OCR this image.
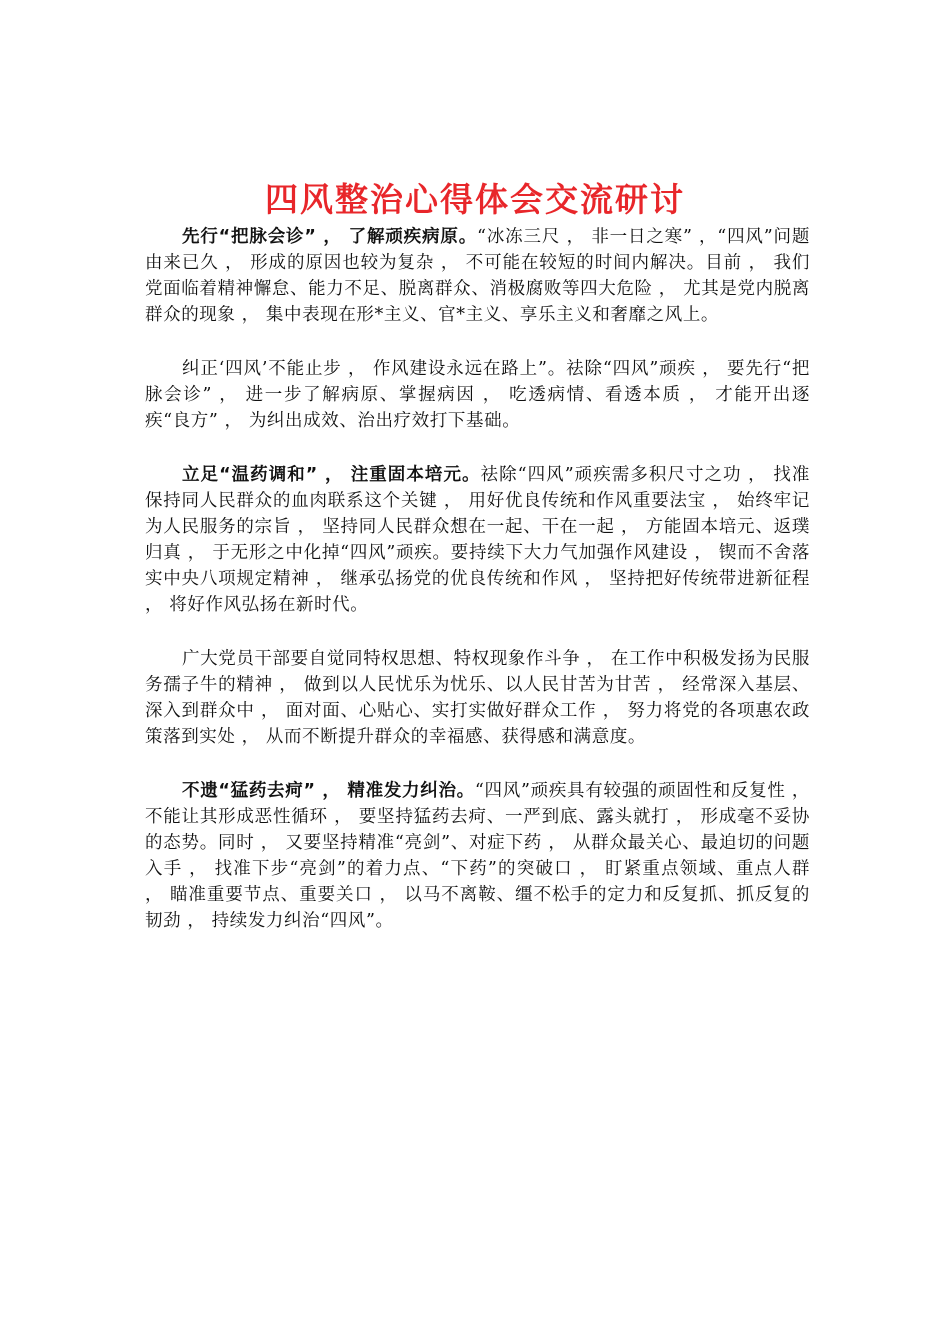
四风整治心得体会交流研讨

先行“把脉会诊” ， 了解顽疾病原。“冰冻三尺 ， 非一日之寒” ，“四风”问题由来已久 ， 形成的原因也较为复杂 ， 不可能在较短的时间内解决。目前 ， 我们党面临着精神懈怠、能力不足、脱离群众、消极腐败等四大危险 ， 尤其是党内脱离群众的现象 ， 集中表现在形*主义、官*主义、享乐主义和奢靡之风上。

纠正‘四风’不能止步 ， 作风建设永远在路上”。祛除“四风”顽疾 ， 要先行“把脉会诊” ， 进一步了解病原、掌握病因 ， 吃透病情、看透本质 ， 才能开出逐疾“良方” ， 为纠出成效、治出疗效打下基础。

立足“温药调和” ， 注重固本培元。祛除“四风”顽疾需多积尺寸之功 ， 找准保持同人民群众的血肉联系这个关键 ， 用好优良传统和作风重要法宝 ， 始终牢记为人民服务的宗旨 ， 坚持同人民群众想在一起、干在一起 ， 方能固本培元、返璞归真 ， 于无形之中化掉“四风”顽疾。要持续下大力气加强作风建设 ， 锲而不舍落实中央八项规定精神 ， 继承弘扬党的优良传统和作风 ， 坚持把好传统带进新征程 ， 将好作风弘扬在新时代。

广大党员干部要自觉同特权思想、特权现象作斗争 ， 在工作中积极发扬为民服务孺子牛的精神 ， 做到以人民忧乐为忧乐、以人民甘苦为甘苦 ， 经常深入基层、深入到群众中 ， 面对面、心贴心、实打实做好群众工作 ， 努力将党的各项惠农政策落到实处 ， 从而不断提升群众的幸福感、获得感和满意度。

不遗“猛药去疴” ， 精准发力纠治。“四风”顽疾具有较强的顽固性和反复性 ， 不能让其形成恶性循环 ， 要坚持猛药去疴、一严到底、露头就打 ， 形成毫不妥协的态势。同时 ， 又要坚持精准“亮剑”、对症下药 ， 从群众最关心、最迫切的问题入手 ， 找准下步“亮剑”的着力点、“下药”的突破口 ， 盯紧重点领域、重点人群 ， 瞄准重要节点、重要关口 ， 以马不离鞍、缰不松手的定力和反复抓、抓反复的韧劲 ， 持续发力纠治“四风”。
